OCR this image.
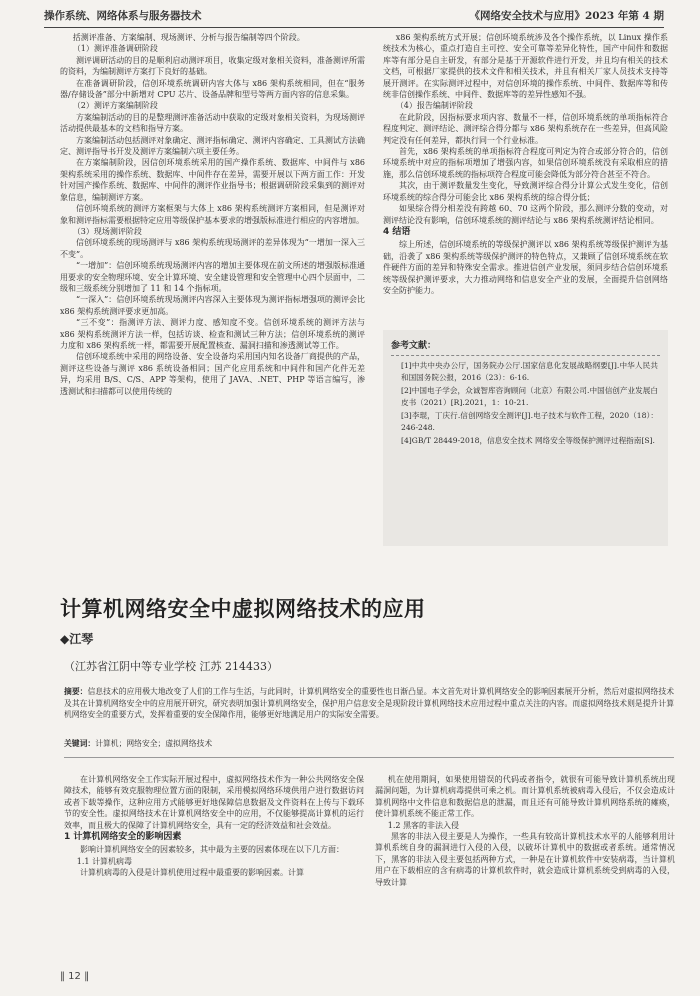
操作系统、网络体系与服务器技术	《网络安全技术与应用》2023 年第 4 期

括测评准备、方案编制、现场测评、分析与报告编制等四个阶段。

（1）测评准备调研阶段

测评调研活动的目的是顺利启动测评项目，收集定级对象相关资料，准备测评所需的资料，为编制测评方案打下良好的基础。

在准备调研阶段，信创环境系统调研内容大体与 x86 架构系统相同，但在“服务器/存储设备”部分中新增对 CPU 芯片、设备品牌和型号等两方面内容的信息采集。

（2）测评方案编制阶段

方案编制活动的目的是整理测评准备活动中获取的定级对象相关资料，为现场测评活动提供最基本的文档和指导方案。

方案编制活动包括测评对象确定、测评指标确定、测评内容确定、工具测试方法确定、测评指导书开发及测评方案编制六项主要任务。

在方案编制阶段，因信创环境系统采用的国产操作系统、数据库、中间件与 x86 架构系统采用的操作系统、数据库、中间件存在差异，需要开展以下两方面工作：开发针对国产操作系统、数据库、中间件的测评作业指导书；根据调研阶段采集到的测评对象信息，编制测评方案。

信创环境系统的测评方案框架与大体上 x86 架构系统测评方案相同，但是测评对象和测评指标需要根据特定应用等级保护基本要求的增强版标准进行相应的内容增加。

（3）现场测评阶段

信创环境系统的现场测评与 x86 架构系统现场测评的差异体现为“一增加一深入三不变”。

“一增加”：信创环境系统现场测评内容的增加主要体现在前文所述的增强版标准通用要求的安全物理环境、安全计算环境、安全建设管理和安全管理中心四个层面中，二级和三级系统分别增加了 11 和 14 个指标项。

“一深入”：信创环境系统现场测评内容深入主要体现为测评指标增强项的测评会比 x86 架构系统测评要求更加高。

“三不变”：指测评方法、测评力度、感知度不变。信创环境系统的测评方法与 x86 架构系统测评方法一样，包括访谈、检查和测试三种方法；信创环境系统的测评力度和 x86 架构系统一样，都需要开展配置核查、漏洞扫描和渗透测试等工作。

信创环境系统中采用的网络设备、安全设备均采用国内知名设备厂商提供的产品，测评这些设备与测评 x86 系统设备相同；国产化应用系统和中间件和国产化件无差异，均采用 B/S、C/S、APP 等架构，使用了 JAVA、.NET、PHP 等语言编写，渗透测试和扫描都可以使用传统的

x86 架构系统方式开展；信创环境系统涉及各个操作系统，以 Linux 操作系统技术为核心，重点打造自主可控、安全可靠等差异化特性，国产中间件和数据库等有部分是自主研发，有部分是基于开源软件进行开发，并且均有相关的技术文档，可根据厂家提供的技术文件和相关技术，并且有相关厂家人员技术支持等展开测评。在实际测评过程中，对信创环境的操作系统、中间件、数据库等和传统非信创操作系统、中间件、数据库等的差异性感知不强。

（4）报告编制评阶段

在此阶段，因指标要求项内容、数量不一样，信创环境系统的单项指标符合程度判定、测评结论、测评综合得分都与 x86 架构系统存在一些差异，但高风险判定没有任何差异，都执行同一个行业标准。

首先，x86 架构系统的单项指标符合程度可判定为符合或部分符合的，信创环境系统中对应的指标项增加了增强内容，如果信创环境系统没有采取相应的措施，那么信创环境系统的指标项符合程度可能会降低为部分符合甚至不符合。

其次，由于测评数量发生变化，导致测评综合得分计算公式发生变化，信创环境系统的综合得分可能会比 x86 架构系统的综合得分低；

如果综合得分相差没有跨越 60、70 这两个阶段，那么测评分数的变动，对测评结论没有影响，信创环境系统的测评结论与 x86 架构系统测评结论相同。

4 结语

综上所述，信创环境系统的等级保护测评以 x86 架构系统等级保护测评为基础，沿袭了 x86 架构系统等级保护测评的特色特点，又兼顾了信创环境系统在软件硬件方面的差异和特殊安全需求。推进信创产业发展，须同步结合信创环境系统等级保护测评要求，大力推动网络和信息安全产业的发展，全面提升信创网络安全防护能力。

参考文献：
[1]中共中央办公厅，国务院办公厅.国家信息化发展战略纲要[J].中华人民共和国国务院公报，2016（23）：6-16.
[2]中国电子学会，众诚智库咨询顾问（北京）有限公司.中国信创产业发展白皮书（2021）[R].2021，1：10-21.
[3]李琨，丁庆行.信创网络安全测评[J].电子技术与软件工程，2020（18）：246-248.
[4]GB/T 28449-2018，信息安全技术 网络安全等级保护测评过程指南[S].
计算机网络安全中虚拟网络技术的应用
◆江琴
（江苏省江阴中等专业学校 江苏 214433）
摘要：信息技术的应用极大地改变了人们的工作与生活，与此同时，计算机网络安全的重要性也日渐凸显。本文首先对计算机网络安全的影响因素展开分析，然后对虚拟网络技术及其在计算机网络安全中的应用展开研究，研究表明加强计算机网络安全，保护用户信息安全是现阶段计算机网络技术应用过程中重点关注的内容。而虚拟网络技术则是提升计算机网络安全的重要方式，发挥着重要的安全保障作用，能够更好地满足用户的实际安全需要。
关键词：计算机；网络安全；虚拟网络技术

在计算机网络安全工作实际开展过程中，虚拟网络技术作为一种公共网络安全保障技术，能够有效克服物理位置方面的限制，采用模拟网络环境供用户进行数据访问或者下载等操作，这种应用方式能够更好地保障信息数据及文件资料在上传与下载环节的安全性。虚拟网络技术在计算机网络安全中的应用，不仅能够提高计算机的运行效率，而且极大的保障了计算机网络安全，具有一定的经济效益和社会效益。

1 计算机网络安全的影响因素

影响计算机网络安全的因素较多，其中最为主要的因素体现在以下几方面：

1.1 计算机病毒

计算机病毒的入侵是计算机使用过程中最重要的影响因素。计算

机在使用期间，如果使用错误的代码或者指令，就很有可能导致计算机系统出现漏洞问题，为计算机病毒提供可乘之机。而计算机系统被病毒入侵后，不仅会造成计算机网络中文件信息和数据信息的泄漏，而且还有可能导致计算机网络系统的瘫痪，使计算机系统不能正常工作。

1.2 黑客的非法入侵

黑客的非法入侵主要是人为操作，一些具有较高计算机技术水平的人能够利用计算机系统自身的漏洞进行入侵的入侵，以破坏计算机中的数据或者系统。通常情况下，黑客的非法入侵主要包括两种方式，一种是在计算机软件中安装病毒，当计算机用户在下载相应的含有病毒的计算机软件时，就会造成计算机系统受到病毒的入侵，导致计算

‖ 12 ‖
